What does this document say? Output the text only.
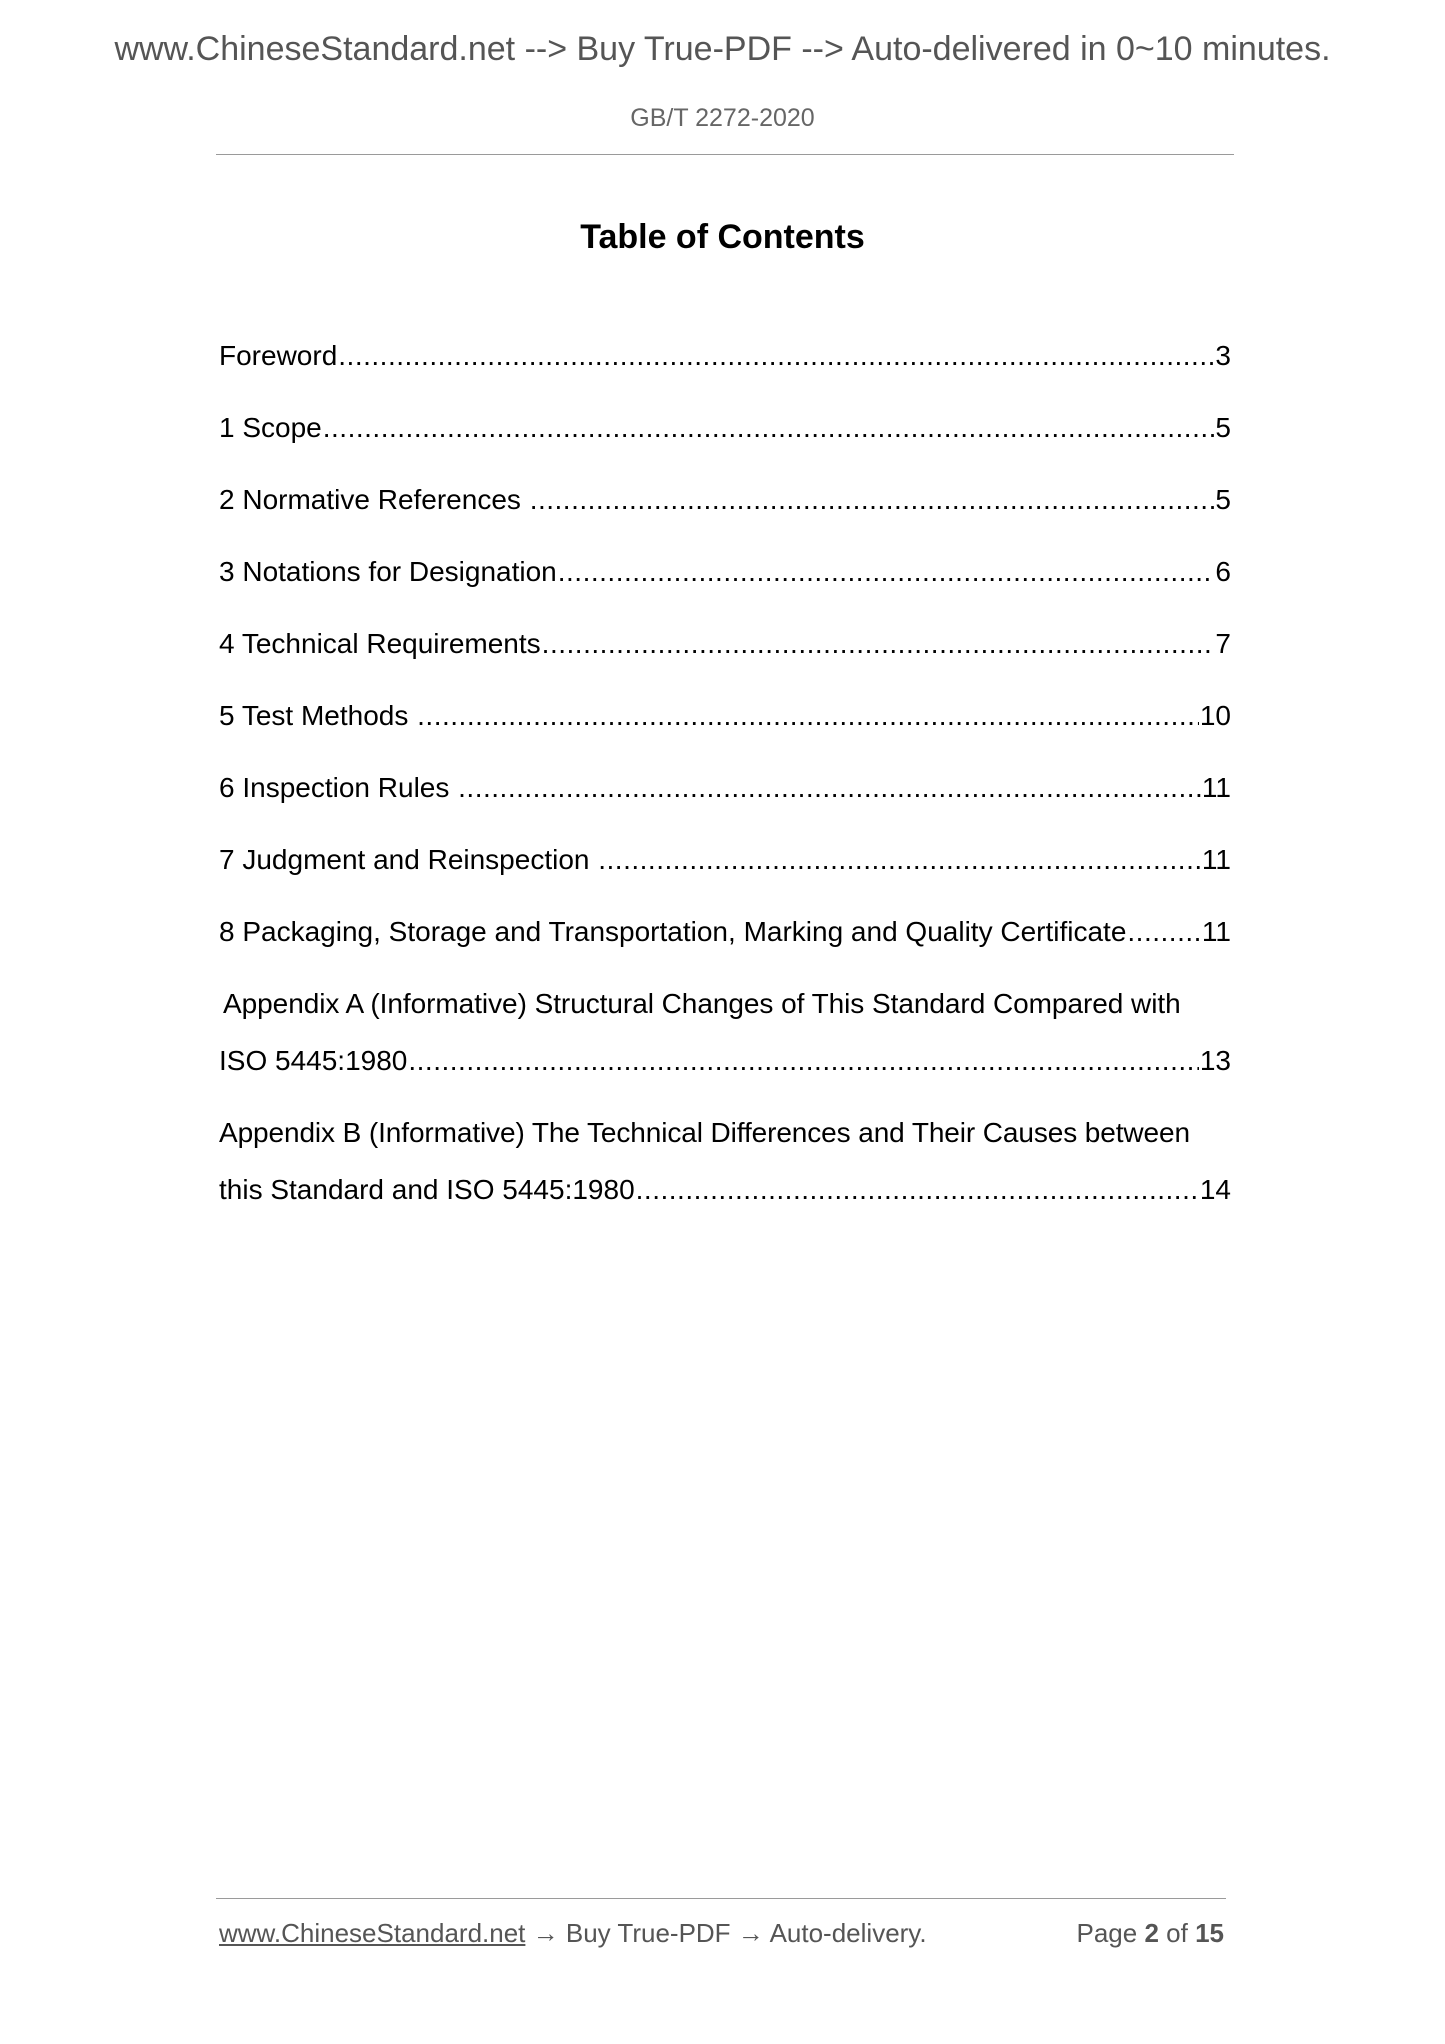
www.ChineseStandard.net --> Buy True-PDF --> Auto-delivered in 0~10 minutes.
GB/T 2272-2020
Table of Contents
Foreword .....	3
1 Scope .....	5
2 Normative References .....	5
3 Notations for Designation .....	6
4 Technical Requirements .....	7
5 Test Methods .....	10
6 Inspection Rules .....	11
7 Judgment and Reinspection .....	11
8 Packaging, Storage and Transportation, Marking and Quality Certificate .....	11
Appendix A (Informative) Structural Changes of This Standard Compared with
ISO 5445:1980 .....	13
Appendix B (Informative) The Technical Differences and Their Causes between
this Standard and ISO 5445:1980 .....	14
www.ChineseStandard.net → Buy True-PDF → Auto-delivery.	Page 2 of 15
